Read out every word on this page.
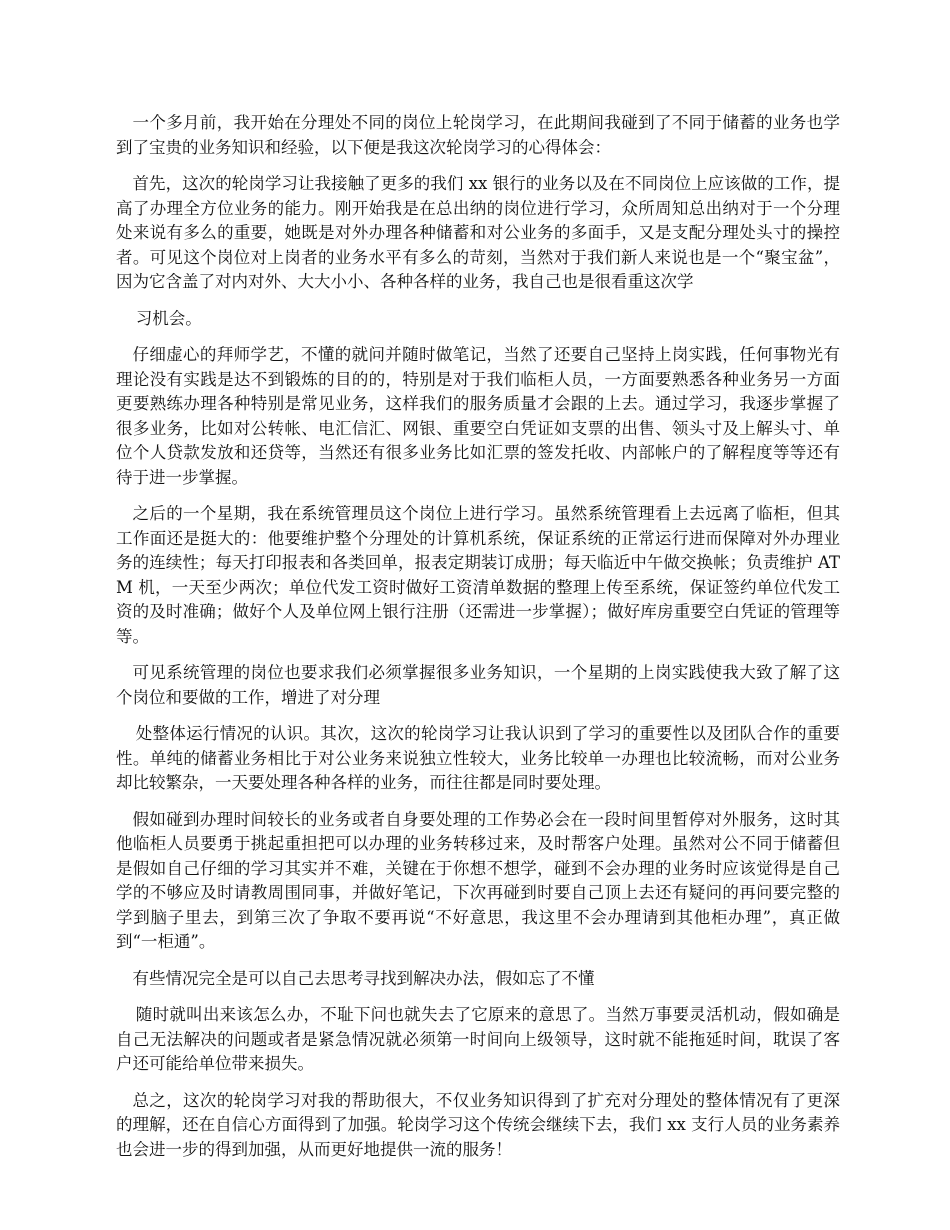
一个多月前，我开始在分理处不同的岗位上轮岗学习，在此期间我碰到了不同于储蓄的业务也学到了宝贵的业务知识和经验，以下便是我这次轮岗学习的心得体会：

首先，这次的轮岗学习让我接触了更多的我们 xx 银行的业务以及在不同岗位上应该做的工作，提高了办理全方位业务的能力。刚开始我是在总出纳的岗位进行学习，众所周知总出纳对于一个分理处来说有多么的重要，她既是对外办理各种储蓄和对公业务的多面手，又是支配分理处头寸的操控者。可见这个岗位对上岗者的业务水平有多么的苛刻，当然对于我们新人来说也是一个“聚宝盆”，因为它含盖了对内对外、大大小小、各种各样的业务，我自己也是很看重这次学

习机会。

仔细虚心的拜师学艺，不懂的就问并随时做笔记，当然了还要自己坚持上岗实践，任何事物光有理论没有实践是达不到锻炼的目的的，特别是对于我们临柜人员，一方面要熟悉各种业务另一方面更要熟练办理各种特别是常见业务，这样我们的服务质量才会跟的上去。通过学习，我逐步掌握了很多业务，比如对公转帐、电汇信汇、网银、重要空白凭证如支票的出售、领头寸及上解头寸、单位个人贷款发放和还贷等，当然还有很多业务比如汇票的签发托收、内部帐户的了解程度等等还有待于进一步掌握。

之后的一个星期，我在系统管理员这个岗位上进行学习。虽然系统管理看上去远离了临柜，但其工作面还是挺大的：他要维护整个分理处的计算机系统，保证系统的正常运行进而保障对外办理业务的连续性；每天打印报表和各类回单，报表定期装订成册；每天临近中午做交换帐；负责维护 ATM 机，一天至少两次；单位代发工资时做好工资清单数据的整理上传至系统，保证签约单位代发工资的及时准确；做好个人及单位网上银行注册（还需进一步掌握）；做好库房重要空白凭证的管理等等。

可见系统管理的岗位也要求我们必须掌握很多业务知识，一个星期的上岗实践使我大致了解了这个岗位和要做的工作，增进了对分理

处整体运行情况的认识。其次，这次的轮岗学习让我认识到了学习的重要性以及团队合作的重要性。单纯的储蓄业务相比于对公业务来说独立性较大，业务比较单一办理也比较流畅，而对公业务却比较繁杂，一天要处理各种各样的业务，而往往都是同时要处理。

假如碰到办理时间较长的业务或者自身要处理的工作势必会在一段时间里暂停对外服务，这时其他临柜人员要勇于挑起重担把可以办理的业务转移过来，及时帮客户处理。虽然对公不同于储蓄但是假如自己仔细的学习其实并不难，关键在于你想不想学，碰到不会办理的业务时应该觉得是自己学的不够应及时请教周围同事，并做好笔记，下次再碰到时要自己顶上去还有疑问的再问要完整的学到脑子里去，到第三次了争取不要再说“不好意思，我这里不会办理请到其他柜办理”，真正做到“一柜通”。

有些情况完全是可以自己去思考寻找到解决办法，假如忘了不懂

随时就叫出来该怎么办，不耻下问也就失去了它原来的意思了。当然万事要灵活机动，假如确是自己无法解决的问题或者是紧急情况就必须第一时间向上级领导，这时就不能拖延时间，耽误了客户还可能给单位带来损失。

总之，这次的轮岗学习对我的帮助很大，不仅业务知识得到了扩充对分理处的整体情况有了更深的理解，还在自信心方面得到了加强。轮岗学习这个传统会继续下去，我们 xx 支行人员的业务素养也会进一步的得到加强，从而更好地提供一流的服务！
